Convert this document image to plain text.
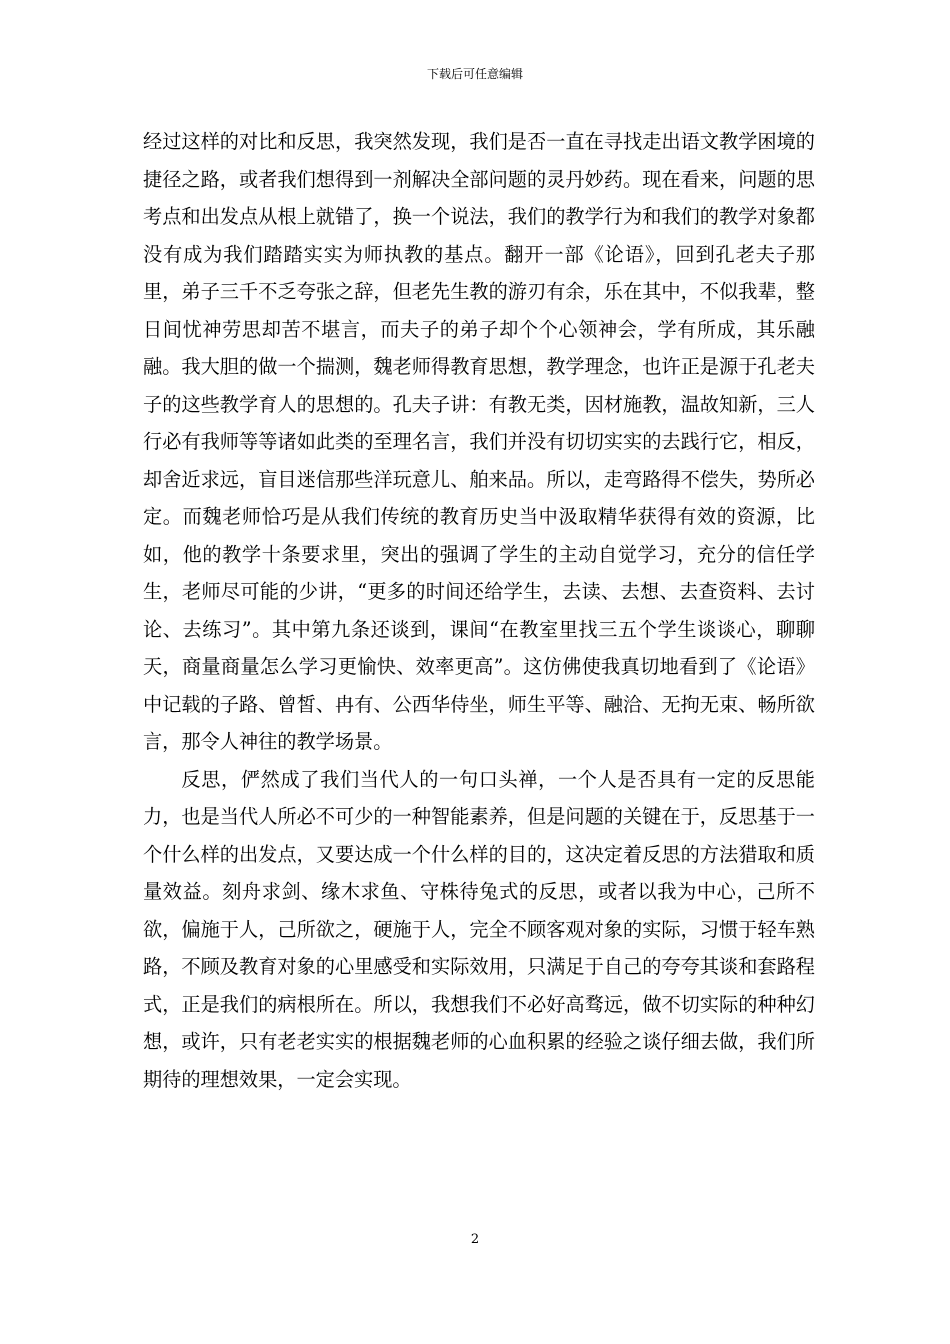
下载后可任意编辑

经过这样的对比和反思，我突然发现，我们是否一直在寻找走出语文教学困境的捷径之路，或者我们想得到一剂解决全部问题的灵丹妙药。现在看来，问题的思考点和出发点从根上就错了，换一个说法，我们的教学行为和我们的教学对象都没有成为我们踏踏实实为师执教的基点。翻开一部《论语》，回到孔老夫子那里，弟子三千不乏夸张之辞，但老先生教的游刃有余，乐在其中，不似我辈，整日间忧神劳思却苦不堪言，而夫子的弟子却个个心领神会，学有所成，其乐融融。我大胆的做一个揣测，魏老师得教育思想，教学理念，也许正是源于孔老夫子的这些教学育人的思想的。孔夫子讲：有教无类，因材施教，温故知新，三人行必有我师等等诸如此类的至理名言，我们并没有切切实实的去践行它，相反，却舍近求远，盲目迷信那些洋玩意儿、舶来品。所以，走弯路得不偿失，势所必定。而魏老师恰巧是从我们传统的教育历史当中汲取精华获得有效的资源，比如，他的教学十条要求里，突出的强调了学生的主动自觉学习，充分的信任学生，老师尽可能的少讲，“更多的时间还给学生，去读、去想、去查资料、去讨论、去练习”。其中第九条还谈到，课间“在教室里找三五个学生谈谈心，聊聊天，商量商量怎么学习更愉快、效率更高”。这仿佛使我真切地看到了《论语》中记载的子路、曾皙、冉有、公西华侍坐，师生平等、融洽、无拘无束、畅所欲言，那令人神往的教学场景。

反思，俨然成了我们当代人的一句口头禅，一个人是否具有一定的反思能力，也是当代人所必不可少的一种智能素养，但是问题的关键在于，反思基于一个什么样的出发点，又要达成一个什么样的目的，这决定着反思的方法猎取和质量效益。刻舟求剑、缘木求鱼、守株待兔式的反思，或者以我为中心，己所不欲，偏施于人，己所欲之，硬施于人，完全不顾客观对象的实际，习惯于轻车熟路，不顾及教育对象的心里感受和实际效用，只满足于自己的夸夸其谈和套路程式，正是我们的病根所在。所以，我想我们不必好高骛远，做不切实际的种种幻想，或许，只有老老实实的根据魏老师的心血积累的经验之谈仔细去做，我们所期待的理想效果，一定会实现。

2
